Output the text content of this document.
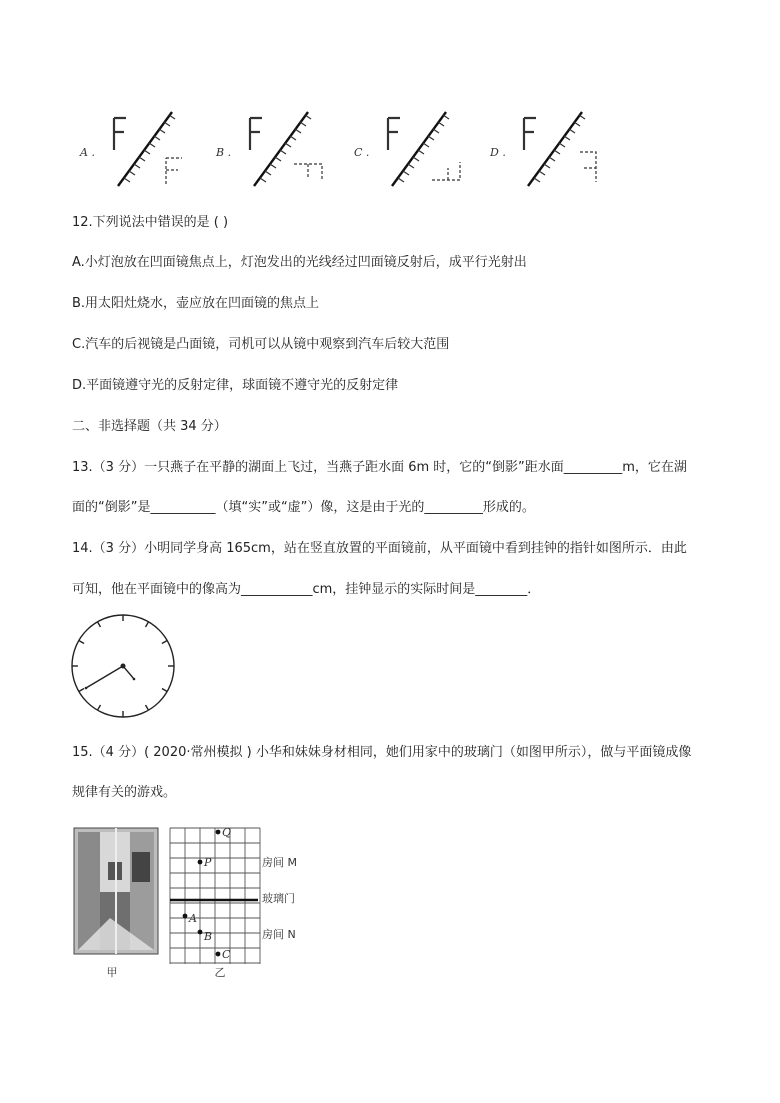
A .	B .	C .	D .
12.下列说法中错误的是 ( )
A.小灯泡放在凹面镜焦点上，灯泡发出的光线经过凹面镜反射后，成平行光射出
B.用太阳灶烧水，壶应放在凹面镜的焦点上
C.汽车的后视镜是凸面镜，司机可以从镜中观察到汽车后较大范围
D.平面镜遵守光的反射定律，球面镜不遵守光的反射定律
二、非选择题（共 34 分）
13.（3 分）一只燕子在平静的湖面上飞过，当燕子距水面 6m 时，它的“倒影”距水面_________m，它在湖
面的“倒影”是__________（填“实”或“虚”）像，这是由于光的_________形成的。
14.（3 分）小明同学身高 165cm，站在竖直放置的平面镜前，从平面镜中看到挂钟的指针如图所示．由此
可知，他在平面镜中的像高为___________cm，挂钟显示的实际时间是________．
15.（4 分）( 2020·常州模拟 ) 小华和妹妹身材相同，她们用家中的玻璃门（如图甲所示），做与平面镜成像
规律有关的游戏。
甲
Q
P
A
B
C
房间 M
玻璃门
房间 N
乙
